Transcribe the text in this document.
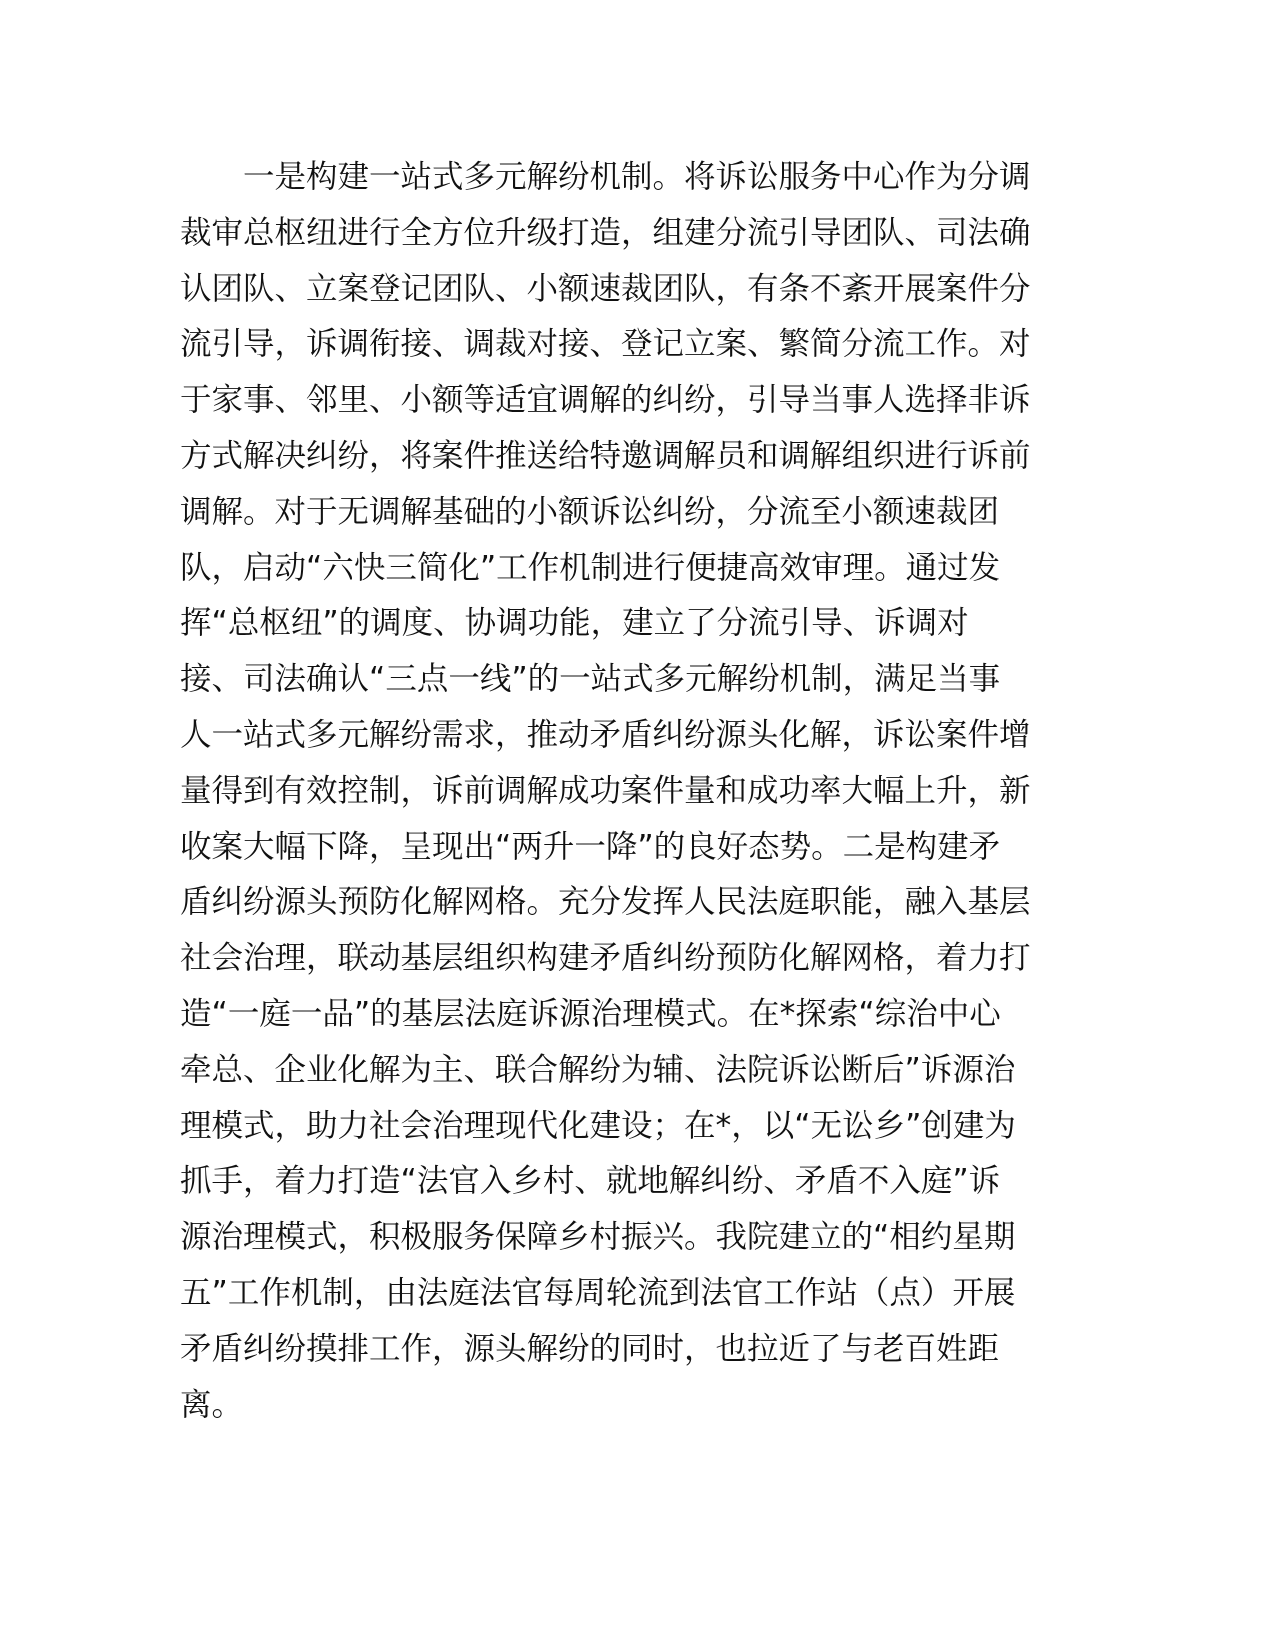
一是构建一站式多元解纷机制。将诉讼服务中心作为分调
裁审总枢纽进行全方位升级打造，组建分流引导团队、司法确
认团队、立案登记团队、小额速裁团队，有条不紊开展案件分
流引导，诉调衔接、调裁对接、登记立案、繁简分流工作。对
于家事、邻里、小额等适宜调解的纠纷，引导当事人选择非诉
方式解决纠纷，将案件推送给特邀调解员和调解组织进行诉前
调解。对于无调解基础的小额诉讼纠纷，分流至小额速裁团
队，启动“六快三简化”工作机制进行便捷高效审理。通过发
挥“总枢纽”的调度、协调功能，建立了分流引导、诉调对
接、司法确认“三点一线”的一站式多元解纷机制，满足当事
人一站式多元解纷需求，推动矛盾纠纷源头化解，诉讼案件增
量得到有效控制，诉前调解成功案件量和成功率大幅上升，新
收案大幅下降，呈现出“两升一降”的良好态势。二是构建矛
盾纠纷源头预防化解网格。充分发挥人民法庭职能，融入基层
社会治理，联动基层组织构建矛盾纠纷预防化解网格，着力打
造“一庭一品”的基层法庭诉源治理模式。在*探索“综治中心
牵总、企业化解为主、联合解纷为辅、法院诉讼断后”诉源治
理模式，助力社会治理现代化建设；在*，以“无讼乡”创建为
抓手，着力打造“法官入乡村、就地解纠纷、矛盾不入庭”诉
源治理模式，积极服务保障乡村振兴。我院建立的“相约星期
五”工作机制，由法庭法官每周轮流到法官工作站（点）开展
矛盾纠纷摸排工作，源头解纷的同时，也拉近了与老百姓距
离。
